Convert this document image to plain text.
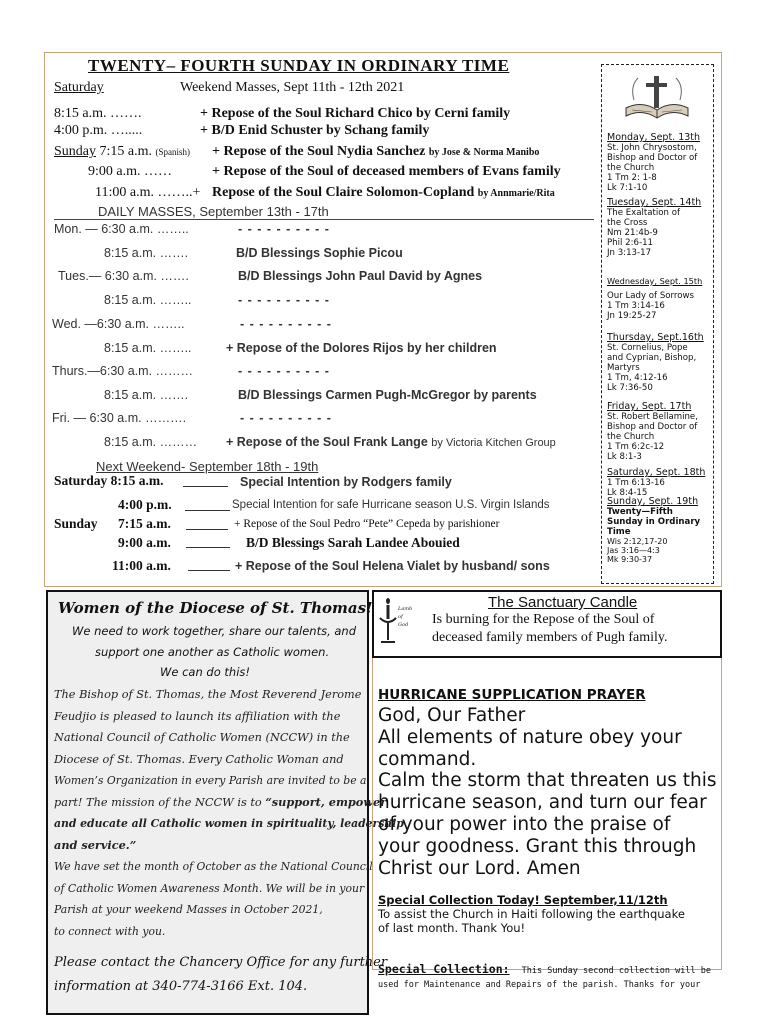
TWENTY– FOURTH SUNDAY IN ORDINARY TIME
Saturday	Weekend Masses, Sept 11th - 12th 2021
8:15 a.m. …….	+ Repose of the Soul Richard Chico by Cerni family
4:00 p.m. ….....	+ B/D Enid Schuster by Schang family
Sunday 7:15 a.m. (Spanish) + Repose of the Soul Nydia Sanchez by Jose & Norma Manibo
9:00 a.m. ……	+ Repose of the Soul of deceased members of Evans family
11:00 a.m. ……..+ Repose of the Soul Claire Solomon-Copland by Annmarie/Rita
DAILY MASSES, September 13th - 17th
Mon. — 6:30 a.m. ……..	- - - - - - - - - -
8:15 a.m. …….	B/D Blessings Sophie Picou
Tues.— 6:30 a.m. …….	B/D Blessings John Paul David by Agnes
8:15 a.m. ……..	- - - - - - - - - -
Wed. —6:30 a.m. ……..	- - - - - - - - - -
8:15 a.m. ……..	+ Repose of the Dolores Rijos by her children
Thurs.—6:30 a.m. ………	- - - - - - - - - -
8:15 a.m. …….	B/D Blessings Carmen Pugh-McGregor by parents
Fri. — 6:30 a.m. ……….	- - - - - - - - - -
8:15 a.m. ……… + Repose of the Soul Frank Lange by Victoria Kitchen Group
Next Weekend- September 18th - 19th
Saturday 8:15 a.m.	Special Intention by Rodgers family
4:00 p.m.	Special Intention for safe Hurricane season U.S. Virgin Islands
Sunday 7:15 a.m.	+ Repose of the Soul Pedro “Pete” Cepeda by parishioner
9:00 a.m.	B/D Blessings Sarah Landee Abouied
11:00 a.m.	+ Repose of the Soul Helena Vialet by husband/ sons
Monday, Sept. 13th
St. John Chrysostom,
Bishop and Doctor of
the Church
1 Tm 2: 1-8
Lk 7:1-10
Tuesday, Sept. 14th
The Exaltation of
the Cross
Nm 21:4b-9
Phil 2:6-11
Jn 3:13-17
Wednesday, Sept. 15th
Our Lady of Sorrows
1 Tm 3:14-16
Jn 19:25-27
Thursday, Sept.16th
St. Cornelius, Pope
and Cyprian, Bishop,
Martyrs
1 Tm, 4:12-16
Lk 7:36-50
Friday, Sept. 17th
St. Robert Bellamine,
Bishop and Doctor of
the Church
1 Tm 6:2c-12
Lk 8:1-3
Saturday, Sept. 18th
1 Tm 6:13-16
Lk 8:4-15
Sunday, Sept. 19th
Twenty—Fifth
Sunday in Ordinary
Time
Wis 2:12,17-20
Jas 3:16—4:3
Mk 9:30-37
Women of the Diocese of St. Thomas!
We need to work together, share our talents, and
support one another as Catholic women.
We can do this!
The Bishop of St. Thomas, the Most Reverend Jerome
Feudjio is pleased to launch its affiliation with the
National Council of Catholic Women (NCCW) in the
Diocese of St. Thomas. Every Catholic Woman and
Women’s Organization in every Parish are invited to be a
part! The mission of the NCCW is to “support, empower
and educate all Catholic women in spirituality, leadership
and service.”
We have set the month of October as the National Council
of Catholic Women Awareness Month. We will be in your
Parish at your weekend Masses in October 2021,
to connect with you.
Please contact the Chancery Office for any further
information at 340-774-3166 Ext. 104.
Lamb
of
God
The Sanctuary Candle
Is burning for the Repose of the Soul of
deceased family members of Pugh family.
HURRICANE SUPPLICATION PRAYER
God, Our Father
All elements of nature obey your
command.
Calm the storm that threaten us this
hurricane season, and turn our fear
of your power into the praise of
your goodness. Grant this through
Christ our Lord. Amen
Special Collection Today! September,11/12th
To assist the Church in Haiti following the earthquake
of last month. Thank You!
Special Collection: This Sunday second collection will be
used for Maintenance and Repairs of the parish. Thanks for your
